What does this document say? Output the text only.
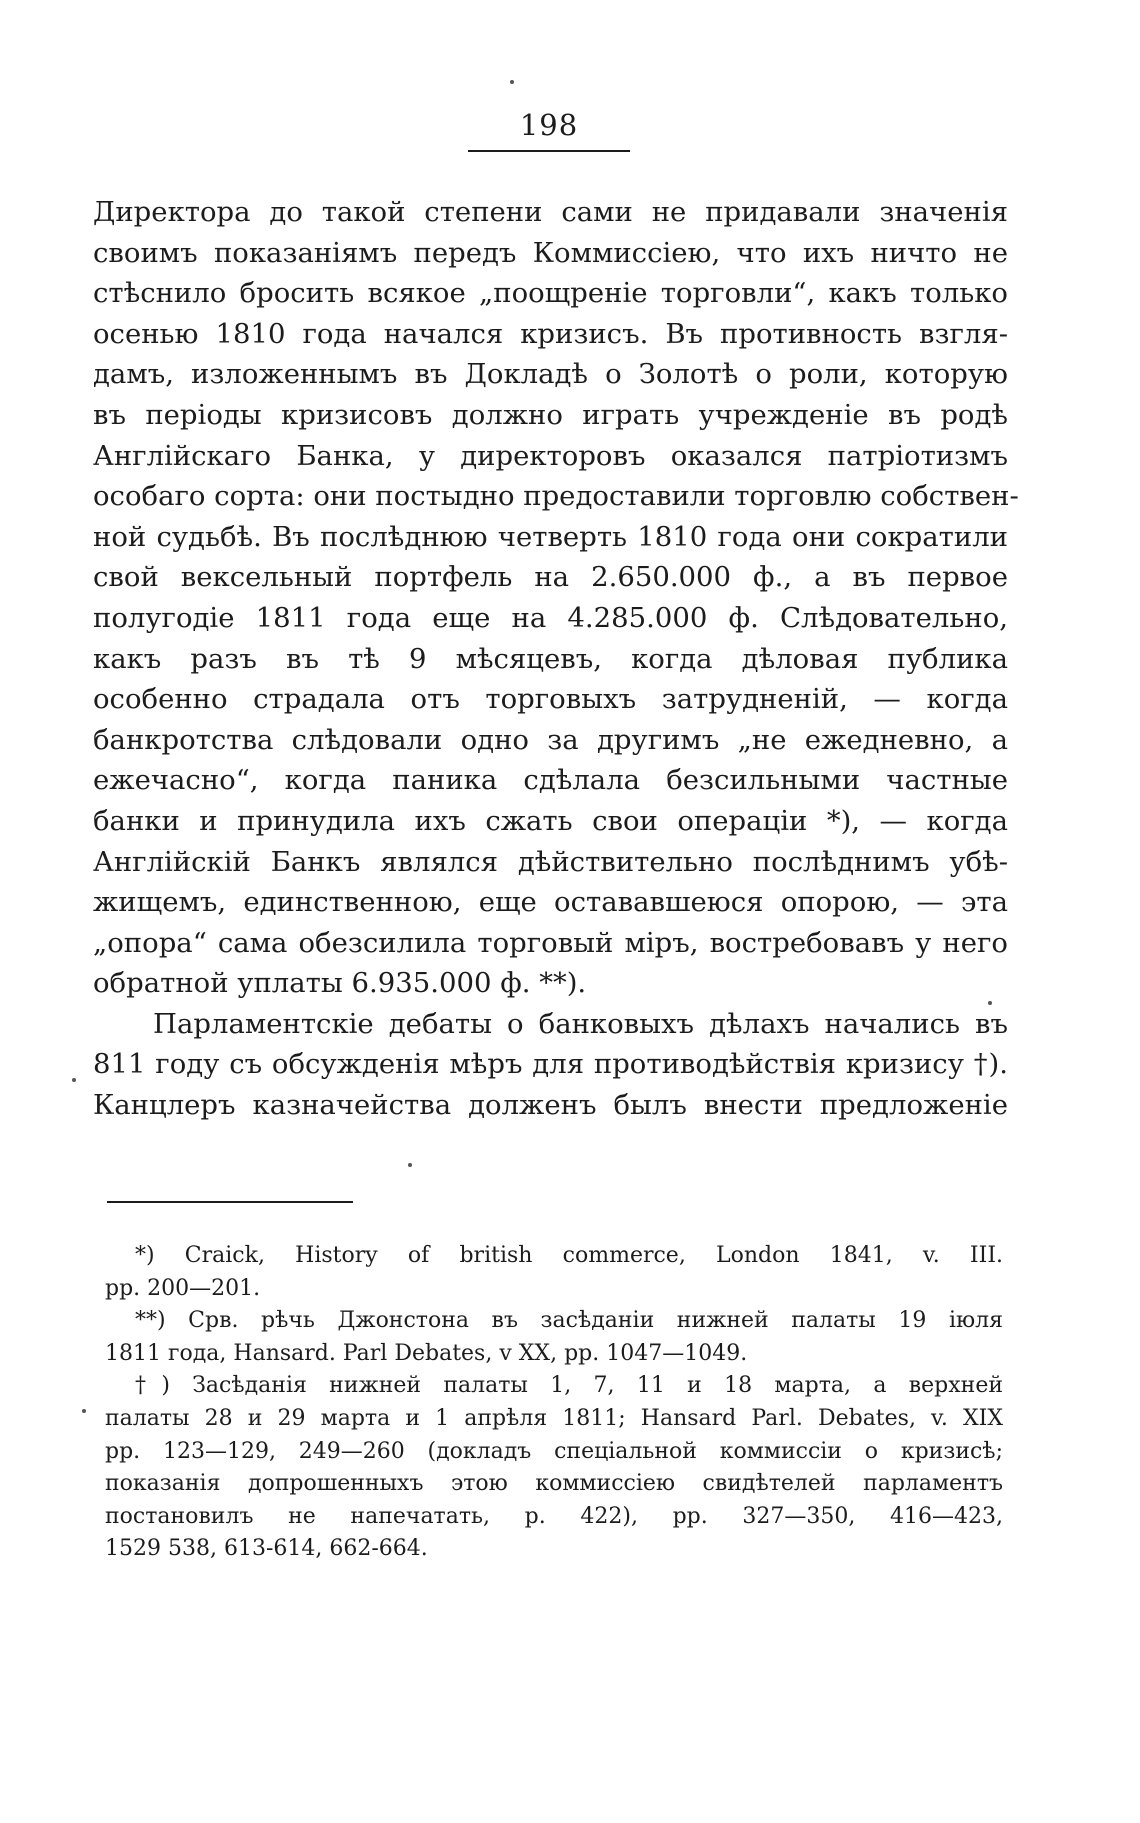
198
Директора до такой степени сами не придавали значенія
своимъ показаніямъ передъ Коммиссіею, что ихъ ничто не
стѣснило бросить всякое „поощреніе торговли“, какъ только
осенью 1810 года начался кризисъ. Въ противность взгля-
дамъ, изложеннымъ въ Докладѣ о Золотѣ о роли, которую
въ періоды кризисовъ должно играть учрежденіе въ родѣ
Англійскаго Банка, у директоровъ оказался патріотизмъ
особаго сорта: они постыдно предоставили торговлю собствен-
ной судьбѣ. Въ послѣднюю четверть 1810 года они сократили
свой вексельный портфель на 2.650.000 ф., а въ первое
полугодіе 1811 года еще на 4.285.000 ф. Слѣдовательно,
какъ разъ въ тѣ 9 мѣсяцевъ, когда дѣловая публика
особенно страдала отъ торговыхъ затрудненій, — когда
банкротства слѣдовали одно за другимъ „не ежедневно, а
ежечасно“, когда паника сдѣлала безсильными частные
банки и принудила ихъ сжать свои операціи *), — когда
Англійскій Банкъ являлся дѣйствительно послѣднимъ убѣ-
жищемъ, единственною, еще остававшеюся опорою, — эта
„опора“ сама обезсилила торговый міръ, востребовавъ у него
обратной уплаты 6.935.000 ф. **).
Парламентскіе дебаты о банковыхъ дѣлахъ начались въ
811 году съ обсужденія мѣръ для противодѣйствія кризису †).
Канцлеръ казначейства долженъ былъ внести предложеніе
*) Craick, History of british commerce, London 1841, v. III.
pp. 200—201.
**) Срв. рѣчь Джонстона въ засѣданіи нижней палаты 19 іюля
1811 года, Hansard. Parl Debates, v XX, pp. 1047—1049.
†) Засѣданія нижней палаты 1, 7, 11 и 18 марта, а верхней
палаты 28 и 29 марта и 1 апрѣля 1811; Hansard Parl. Debates, v. XIX
pp. 123—129, 249—260 (докладъ спеціальной коммиссіи о кризисѣ;
показанія допрошенныхъ этою коммиссіею свидѣтелей парламентъ
постановилъ не напечатать, p. 422), pp. 327—350, 416—423,
1529 538, 613-614, 662-664.
